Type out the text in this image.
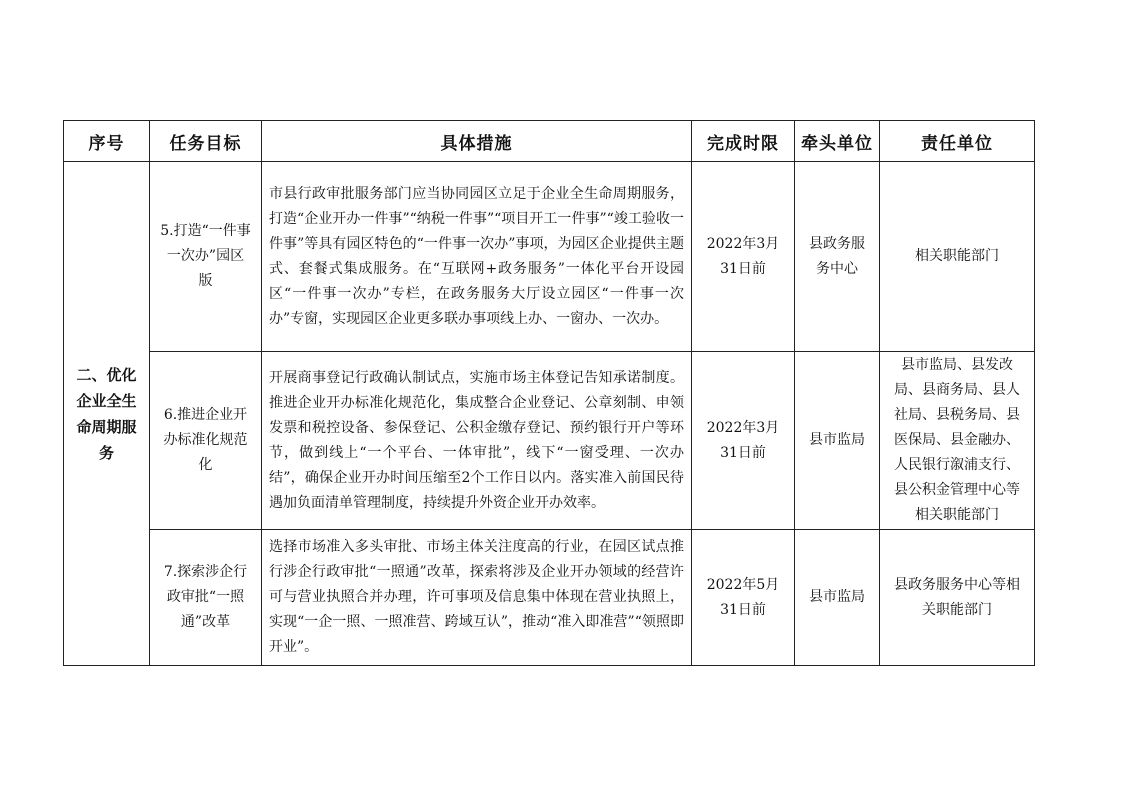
序号	任务目标	具体措施	完成时限	牵头单位	责任单位
二、优化企业全生命周期服务	5.打造“一件事一次办”园区版	市县行政审批服务部门应当协同园区立足于企业全生命周期服务，打造“企业开办一件事”“纳税一件事”“项目开工一件事”“竣工验收一件事”等具有园区特色的“一件事一次办”事项，为园区企业提供主题式、套餐式集成服务。在“互联网+政务服务”一体化平台开设园区“一件事一次办”专栏，在政务服务大厅设立园区“一件事一次办”专窗，实现园区企业更多联办事项线上办、一窗办、一次办。	2022年3月31日前	县政务服务中心	相关职能部门
	6.推进企业开办标准化规范化	开展商事登记行政确认制试点，实施市场主体登记告知承诺制度。推进企业开办标准化规范化，集成整合企业登记、公章刻制、申领发票和税控设备、参保登记、公积金缴存登记、预约银行开户等环节，做到线上“一个平台、一体审批”，线下“一窗受理、一次办结”，确保企业开办时间压缩至2个工作日以内。落实准入前国民待遇加负面清单管理制度，持续提升外资企业开办效率。	2022年3月31日前	县市监局	县市监局、县发改局、县商务局、县人社局、县税务局、县医保局、县金融办、人民银行溆浦支行、县公积金管理中心等相关职能部门
	7.探索涉企行政审批“一照通”改革	选择市场准入多头审批、市场主体关注度高的行业，在园区试点推行涉企行政审批“一照通”改革，探索将涉及企业开办领域的经营许可与营业执照合并办理，许可事项及信息集中体现在营业执照上，实现“一企一照、一照准营、跨域互认”，推动“准入即准营”“领照即开业”。	2022年5月31日前	县市监局	县政务服务中心等相关职能部门
